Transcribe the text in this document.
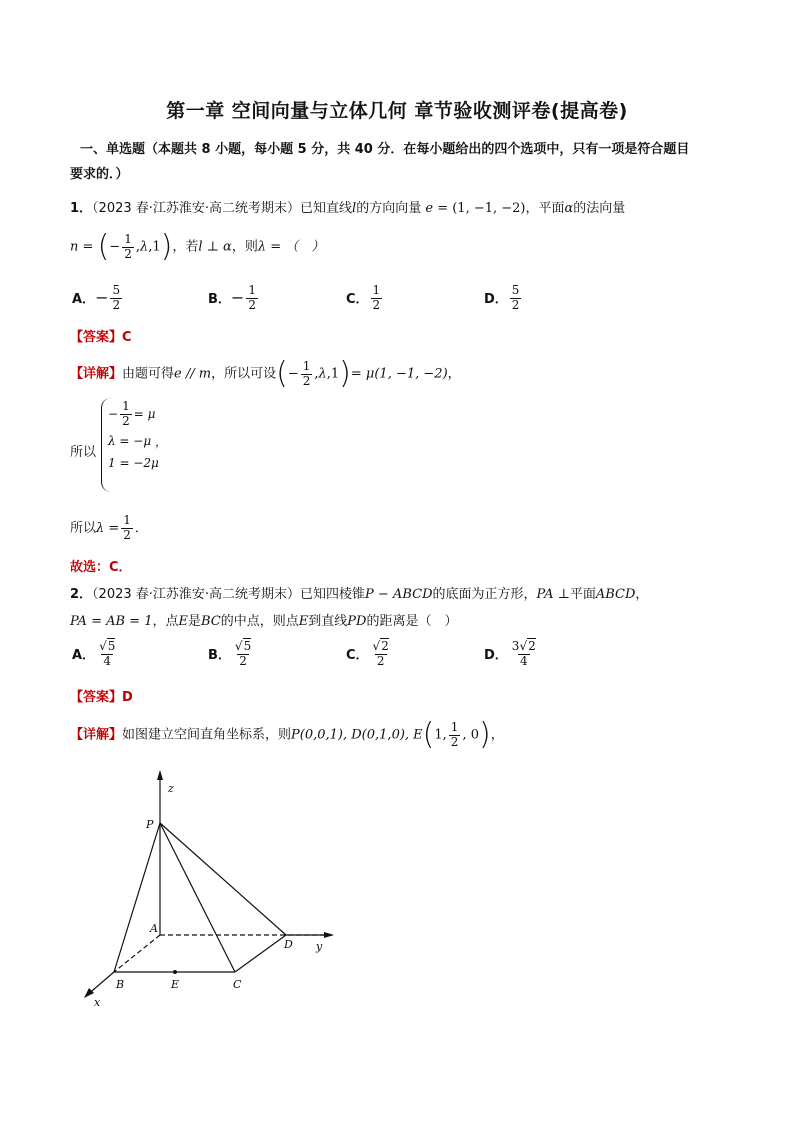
第一章 空间向量与立体几何 章节验收测评卷(提高卷)
一、单选题（本题共 8 小题，每小题 5 分，共 40 分．在每小题给出的四个选项中，只有一项是符合题目
要求的．）
1．（2023 春·江苏淮安·高二统考期末）已知直线l的方向向量 e = (1, −1, −2)，平面α的法向量
n = (− $\frac{1}{2} ,\lambda,1$)，若l ⊥ α，则λ = （　）
A．− $\frac{5}{2}$	B．− $\frac{1}{2}$	C． $\frac{1}{2}$	D． $\frac{5}{2}$
【答案】C
【详解】由题可得e // m，所以可设(− $\frac{1}{2} ,\lambda,1)= \mu(1$, −1, −2)，
所以
− $\frac{1}{2} = \mu$
λ = −μ ，
1 = −2μ
所以$\lambda = \frac{1}{2}$ ．
故选：C．
2．（2023 春·江苏淮安·高二统考期末）已知四棱锥P − ABCD的底面为正方形，PA ⊥平面ABCD，
PA = AB = 1，点E是BC的中点，则点E到直线PD的距离是（　）
A． $\frac{√5}{4}$	B． $\frac{√5}{2}$	C． $\frac{√2}{2}$	D． $\frac{3√2}{4}$
【答案】D
【详解】如图建立空间直角坐标系，则P(0,0,1), D(0,1,0), E(1, $\frac{1}{2}$ , 0)，
z
P
A
D y
B	E	C
x
